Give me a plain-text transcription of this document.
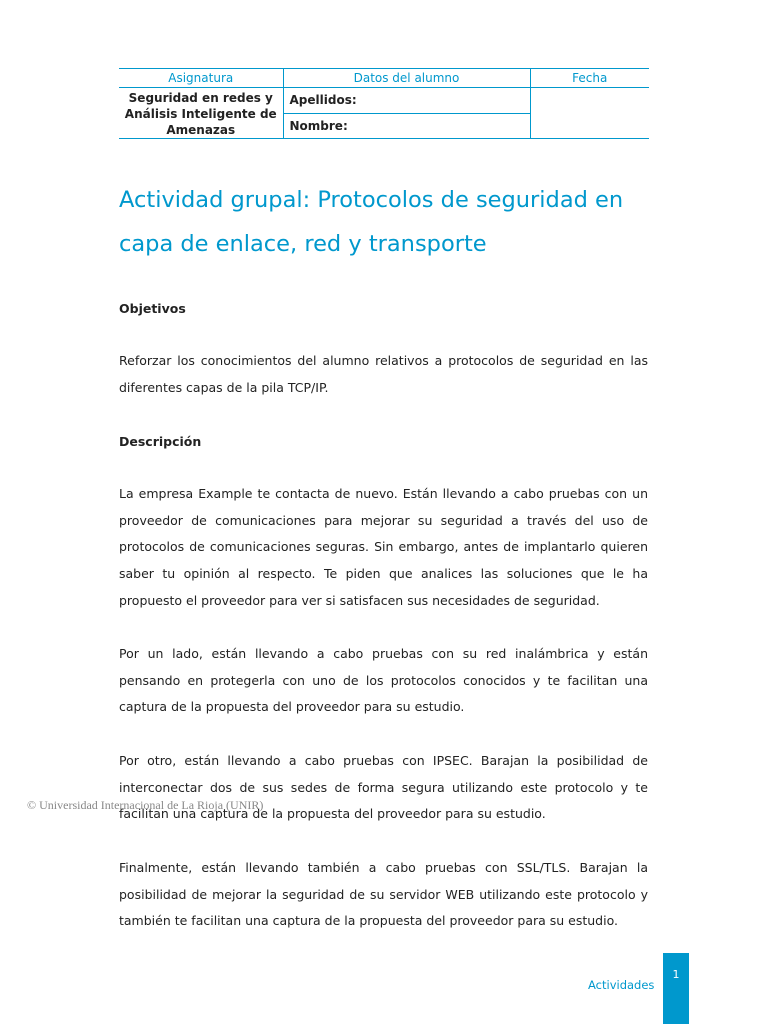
Asignatura	Datos del alumno	Fecha
Seguridad en redes y Análisis Inteligente de Amenazas	Apellidos:	
	Nombre:	
Actividad grupal: Protocolos de seguridad en capa de enlace, red y transporte
Objetivos

Reforzar los conocimientos del alumno relativos a protocolos de seguridad en las diferentes capas de la pila TCP/IP.

Descripción

La empresa Example te contacta de nuevo. Están llevando a cabo pruebas con un proveedor de comunicaciones para mejorar su seguridad a través del uso de protocolos de comunicaciones seguras. Sin embargo, antes de implantarlo quieren saber tu opinión al respecto. Te piden que analices las soluciones que le ha propuesto el proveedor para ver si satisfacen sus necesidades de seguridad.

Por un lado, están llevando a cabo pruebas con su red inalámbrica y están pensando en protegerla con uno de los protocolos conocidos y te facilitan una captura de la propuesta del proveedor para su estudio.

Por otro, están llevando a cabo pruebas con IPSEC. Barajan la posibilidad de interconectar dos de sus sedes de forma segura utilizando este protocolo y te facilitan una captura de la propuesta del proveedor para su estudio.

Finalmente, están llevando también a cabo pruebas con SSL/TLS. Barajan la posibilidad de mejorar la seguridad de su servidor WEB utilizando este protocolo y también te facilitan una captura de la propuesta del proveedor para su estudio.

© Universidad Internacional de La Rioja (UNIR)
Actividades
1
